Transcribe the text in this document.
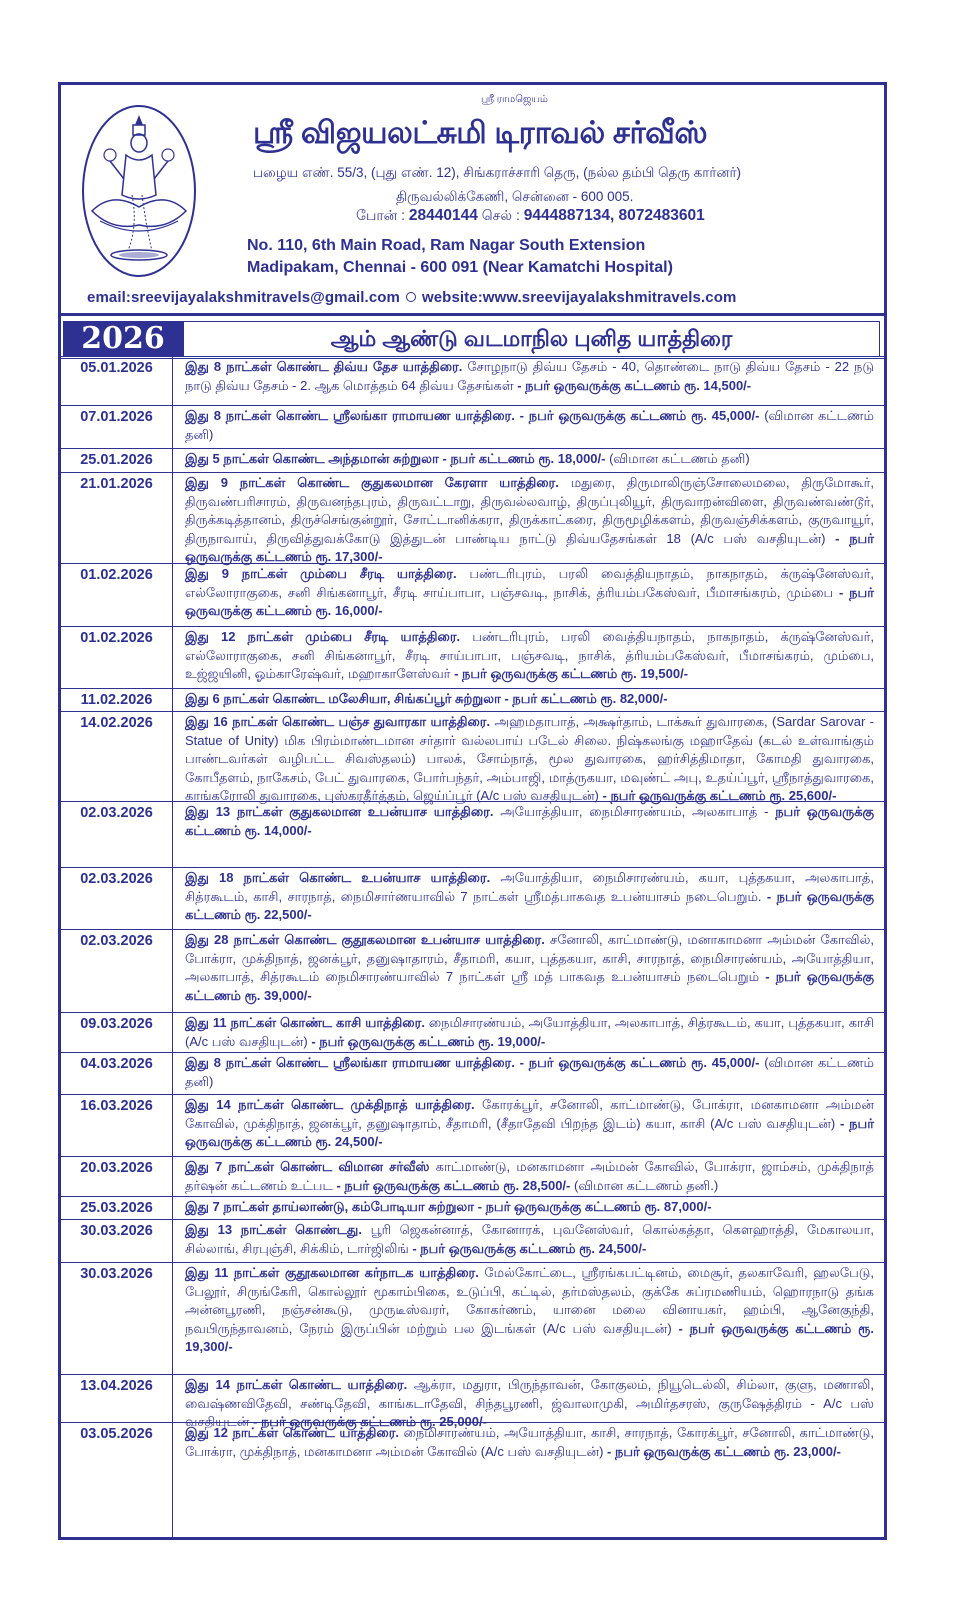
ஸ்ரீ ராமஜெயம்
ஸ்ரீ விஜயலட்சுமி டிராவல் சர்வீஸ்
பழைய எண். 55/3, (புது எண். 12), சிங்கராச்சாரி தெரு, (நல்ல தம்பி தெரு கார்னர்)
திருவல்லிக்கேணி, சென்னை - 600 005.
போன் : 28440144 செல் : 9444887134, 8072483601
No. 110, 6th Main Road, Ram Nagar South Extension
Madipakam, Chennai - 600 091 (Near Kamatchi Hospital)
email:sreevijayalakshmitravels@gmail.com website:www.sreevijayalakshmitravels.com
2026	ஆம் ஆண்டு வடமாநில புனித யாத்திரை
05.01.2026	இது 8 நாட்கள் கொண்ட திவ்ய தேச யாத்திரை. சோழநாடு திவ்ய தேசம் - 40, தொண்டை நாடு திவ்ய தேசம் - 22 நடு நாடு திவ்ய தேசம் - 2. ஆக மொத்தம் 64 திவ்ய தேசங்கள் - நபர் ஒருவருக்கு கட்டணம் ரூ. 14,500/-
07.01.2026	இது 8 நாட்கள் கொண்ட ஸ்ரீலங்கா ராமாயண யாத்திரை. - நபர் ஒருவருக்கு கட்டணம் ரூ. 45,000/- (விமான கட்டணம் தனி)
25.01.2026	இது 5 நாட்கள் கொண்ட அந்தமான் சுற்றுலா - நபர் கட்டணம் ரூ. 18,000/- (விமான கட்டணம் தனி)
21.01.2026	இது 9 நாட்கள் கொண்ட குதுகலமான கேரளா யாத்திரை. மதுரை, திருமாலிருஞ்சோலைமலை, திருமோகூர், திருவண்பரிசாரம், திருவனந்தபுரம், திருவட்டாறு, திருவல்லவாழ், திருப்புலியூர், திருவாறன்விளை, திருவண்வண்டூர், திருக்கடித்தானம், திருச்செங்குன்றூர், சோட்டானிக்கரா, திருக்காட்கரை, திருமூழிக்களம், திருவஞ்சிக்களம், குருவாயூர், திருநாவாய், திருவித்துவக்கோடு இத்துடன் பாண்டிய நாட்டு திவ்யதேசங்கள் 18 (A/c பஸ் வசதியுடன்) - நபர் ஒருவருக்கு கட்டணம் ரூ. 17,300/-
01.02.2026	இது 9 நாட்கள் மும்பை சீரடி யாத்திரை. பண்டரிபுரம், பரலி வைத்தியநாதம், நாகநாதம், க்ருஷ்னேஸ்வர், எல்லோராகுகை, சனி சிங்கனாபூர், சீரடி சாய்பாபா, பஞ்சவடி, நாசிக், த்ரியம்பகேஸ்வர், பீமாசங்கரம், மும்பை - நபர் ஒருவருக்கு கட்டணம் ரூ. 16,000/-
01.02.2026	இது 12 நாட்கள் மும்பை சீரடி யாத்திரை. பண்டரிபுரம், பரலி வைத்தியநாதம், நாகநாதம், க்ருஷ்னேஸ்வர், எல்லோராகுகை, சனி சிங்கனாபூர், சீரடி சாய்பாபா, பஞ்சவடி, நாசிக், த்ரியம்பகேஸ்வர், பீமாசங்கரம், மும்பை, உஜ்ஜயினி, ஓம்காரேஷ்வர், மஹாகாளேஸ்வர் - நபர் ஒருவருக்கு கட்டணம் ரூ. 19,500/-
11.02.2026	இது 6 நாட்கள் கொண்ட மலேசியா, சிங்கப்பூர் சுற்றுலா - நபர் கட்டணம் ரூ. 82,000/-
14.02.2026	இது 16 நாட்கள் கொண்ட பஞ்ச துவாரகா யாத்திரை. அஹமதாபாத், அக்ஷர்தாம், டாக்கூர் துவாரகை, (Sardar Sarovar - Statue of Unity) மிக பிரம்மாண்டமான சர்தார் வல்லபாய் படேல் சிலை. நிஷ்கலங்கு மஹாதேவ் (கடல் உள்வாங்கும் பாண்டவர்கள் வழிபட்ட சிவஸ்தலம்) பாலக், சோம்நாத், மூல துவாரகை, ஹர்சித்திமாதா, கோமதி துவாரகை, கோபீதளம், நாகேசம், பேட் துவாரகை, போர்பந்தர், அம்பாஜி, மாத்ருகயா, மவுண்ட் அபு, உதய்ப்பூர், ஸ்ரீநாத்துவாரகை, காங்கரோலி துவாரகை, புஸ்கரதீர்த்தம், ஜெய்ப்பூர் (A/c பஸ் வசதியுடன்) - நபர் ஒருவருக்கு கட்டணம் ரூ. 25,600/-
02.03.2026	இது 13 நாட்கள் குதுகலமான உபன்யாச யாத்திரை. அயோத்தியா, நைமிசாரண்யம், அலகாபாத் - நபர் ஒருவருக்கு கட்டணம் ரூ. 14,000/-
02.03.2026	இது 18 நாட்கள் கொண்ட உபன்யாச யாத்திரை. அயோத்தியா, நைமிசாரண்யம், கயா, புத்தகயா, அலகாபாத், சித்ரகூடம், காசி, சாரநாத், நைமிசார்ணயாவில் 7 நாட்கள் ஸ்ரீமத்பாகவத உபன்யாசம் நடைபெறும். - நபர் ஒருவருக்கு கட்டணம் ரூ. 22,500/-
02.03.2026	இது 28 நாட்கள் கொண்ட குதூகலமான உபன்யாச யாத்திரை. சனோலி, காட்மாண்டு, மனாகாமனா அம்மன் கோவில், போக்ரா, முக்திநாத், ஜனக்பூர், தனுஷாதாரம், சீதாமரி, கயா, புத்தகயா, காசி, சாரநாத், நைமிசாரண்யம், அயோத்தியா, அலகாபாத், சித்ரகூடம் நைமிசாரண்யாவில் 7 நாட்கள் ஸ்ரீ மத் பாகவத உபன்யாசம் நடைபெறும் - நபர் ஒருவருக்கு கட்டணம் ரூ. 39,000/-
09.03.2026	இது 11 நாட்கள் கொண்ட காசி யாத்திரை. நைமிசாரண்யம், அயோத்தியா, அலகாபாத், சித்ரகூடம், கயா, புத்தகயா, காசி (A/c பஸ் வசதியுடன்) - நபர் ஒருவருக்கு கட்டணம் ரூ. 19,000/-
04.03.2026	இது 8 நாட்கள் கொண்ட ஸ்ரீலங்கா ராமாயண யாத்திரை. - நபர் ஒருவருக்கு கட்டணம் ரூ. 45,000/- (விமான கட்டணம் தனி)
16.03.2026	இது 14 நாட்கள் கொண்ட முக்திநாத் யாத்திரை. கோரக்பூர், சனோலி, காட்மாண்டு, போக்ரா, மனகாமனா அம்மன் கோவில், முக்திநாத், ஜனக்பூர், தனுஷாதாம், சீதாமரி, (சீதாதேவி பிறந்த இடம்) கயா, காசி (A/c பஸ் வசதியுடன்) - நபர் ஒருவருக்கு கட்டணம் ரூ. 24,500/-
20.03.2026	இது 7 நாட்கள் கொண்ட விமான சர்வீஸ் காட்மாண்டு, மனகாமனா அம்மன் கோவில், போக்ரா, ஜாம்சம், முக்திநாத் தர்ஷன் கட்டணம் உட்பட - நபர் ஒருவருக்கு கட்டணம் ரூ. 28,500/- (விமான கட்டணம் தனி.)
25.03.2026	இது 7 நாட்கள் தாய்லாண்டு, கம்போடியா சுற்றுலா - நபர் ஒருவருக்கு கட்டணம் ரூ. 87,000/-
30.03.2026	இது 13 நாட்கள் கொண்டது. பூரி ஜெகன்னாத், கோனாரக், புவனேஸ்வர், கொல்கத்தா, கௌஹாத்தி, மேகாலயா, சில்லாங், சிரபுஞ்சி, சிக்கிம், டார்ஜிலிங் - நபர் ஒருவருக்கு கட்டணம் ரூ. 24,500/-
30.03.2026	இது 11 நாட்கள் குதூகலமான கர்நாடக யாத்திரை. மேல்கோட்டை, ஸ்ரீரங்கபட்டினம், மைசூர், தலகாவேரி, ஹலபேடு, பேலூர், சிருங்கேரி, கொல்லூர் மூகாம்பிகை, உடுப்பி, கட்டில், தர்மஸ்தலம், குக்கே சுப்ரமணியம், ஹொரநாடு தங்க அன்னபூரணி, நஞ்சன்கூடு, முருடீஸ்வரர், கோகர்ணம், யானை மலை வினாயகர், ஹம்பி, ஆனேகுந்தி, நவபிருந்தாவனம், நேரம் இருப்பின் மற்றும் பல இடங்கள் (A/c பஸ் வசதியுடன்) - நபர் ஒருவருக்கு கட்டணம் ரூ. 19,300/-
13.04.2026	இது 14 நாட்கள் கொண்ட யாத்திரை. ஆக்ரா, மதுரா, பிருந்தாவன், கோகுலம், நியூடெல்லி, சிம்லா, குளு, மணாலி, வைஷ்ணவிதேவி, சண்டிதேவி, காங்கடாதேவி, சிந்தபூரணி, ஜ்வாலாமுகி, அமிர்தசரஸ், குருஷேத்திரம் - A/c பஸ் வசதியுடன் - நபர் ஒருவருக்கு கட்டணம் ரூ. 25,000/-
03.05.2026	இது 12 நாட்கள் கொண்ட யாத்திரை. நைமிசாரண்யம், அயோத்தியா, காசி, சாரநாத், கோரக்பூர், சனோலி, காட்மாண்டு, போக்ரா, முக்திநாத், மனகாமனா அம்மன் கோவில் (A/c பஸ் வசதியுடன்) - நபர் ஒருவருக்கு கட்டணம் ரூ. 23,000/-
